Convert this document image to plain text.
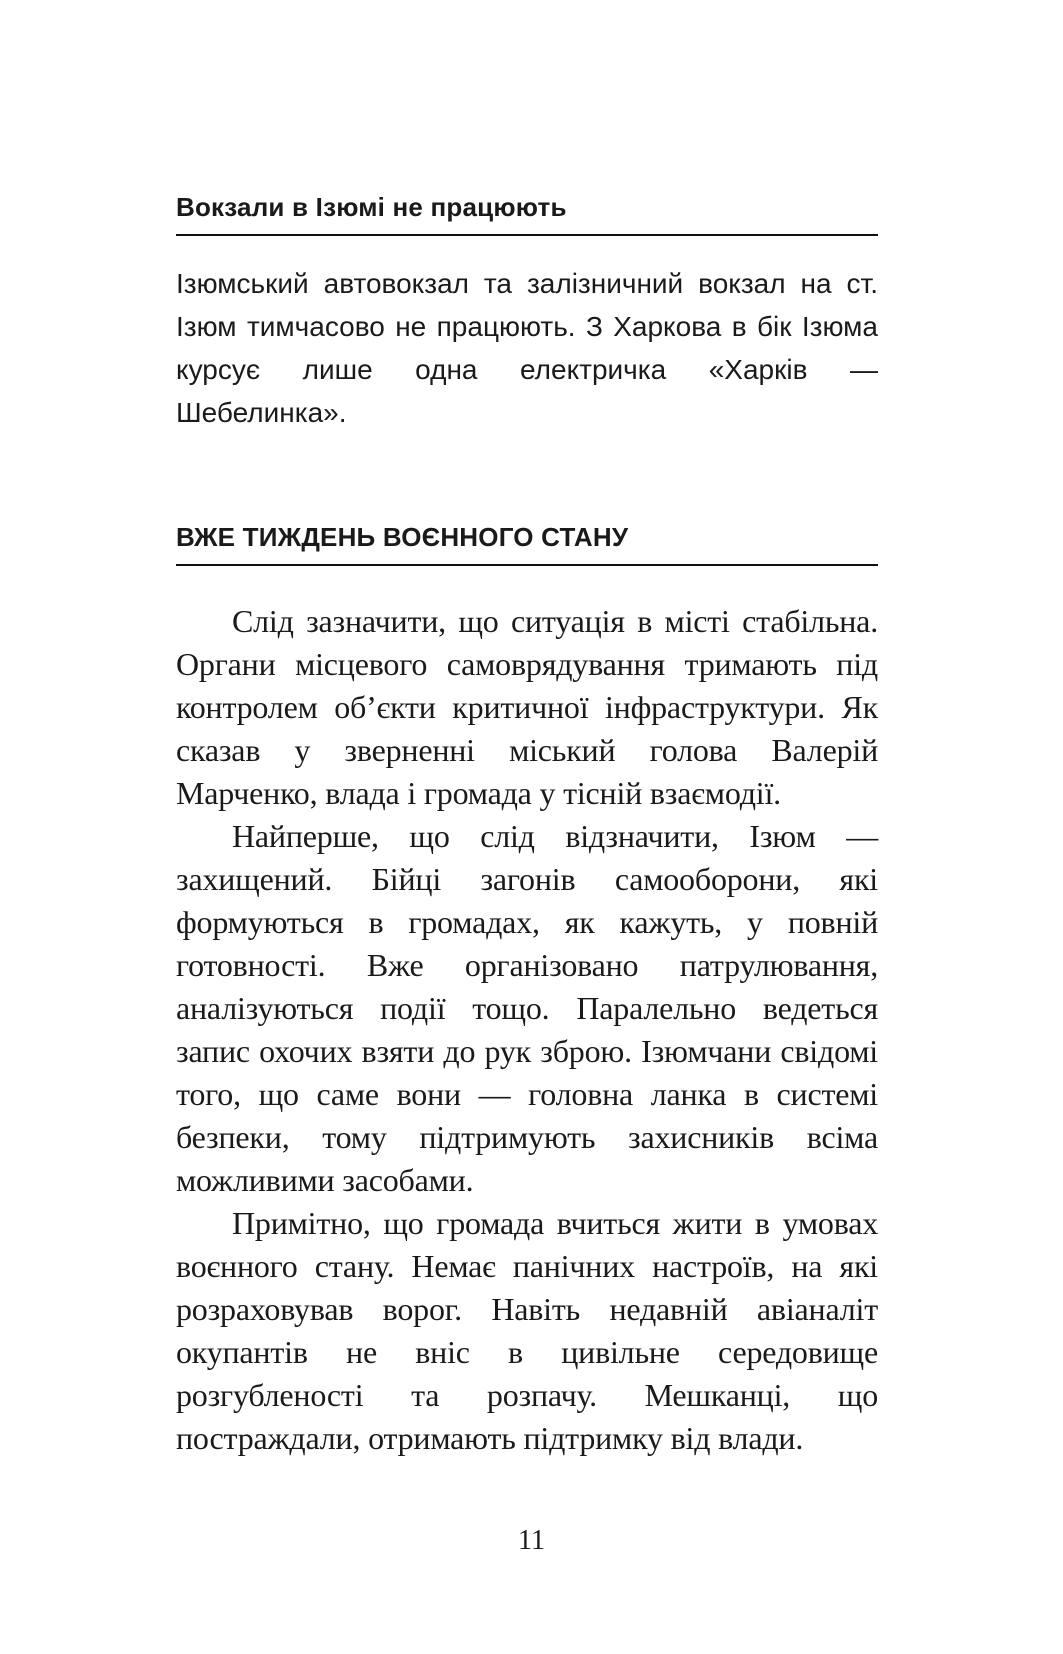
Вокзали в Ізюмі не працюють

Ізюмський автовокзал та залізничний вокзал на ст. Ізюм тимчасово не працюють. З Харкова в бік Ізюма курсує лише одна електричка «Харків — Шебелинка».

ВЖЕ ТИЖДЕНЬ ВОЄННОГО СТАНУ

Слід зазначити, що ситуація в місті стабільна. Органи місцевого самоврядування тримають під контролем об’єкти критичної інфраструктури. Як сказав у зверненні міський голова Валерій Марченко, влада і громада у тісній взаємодії.

Найперше, що слід відзначити, Ізюм — захищений. Бійці загонів самооборони, які формуються в громадах, як кажуть, у повній готовності. Вже організовано патрулювання, аналізуються події тощо. Паралельно ведеться запис охочих взяти до рук зброю. Ізюмчани свідомі того, що саме вони — головна ланка в системі безпеки, тому підтримують захисників всіма можливими засобами.

Примітно, що громада вчиться жити в умовах воєнного стану. Немає панічних настроїв, на які розраховував ворог. Навіть недавній авіаналіт окупантів не вніс в цивільне середовище розгубленості та розпачу. Мешканці, що постраждали, отримають підтримку від влади.

11
